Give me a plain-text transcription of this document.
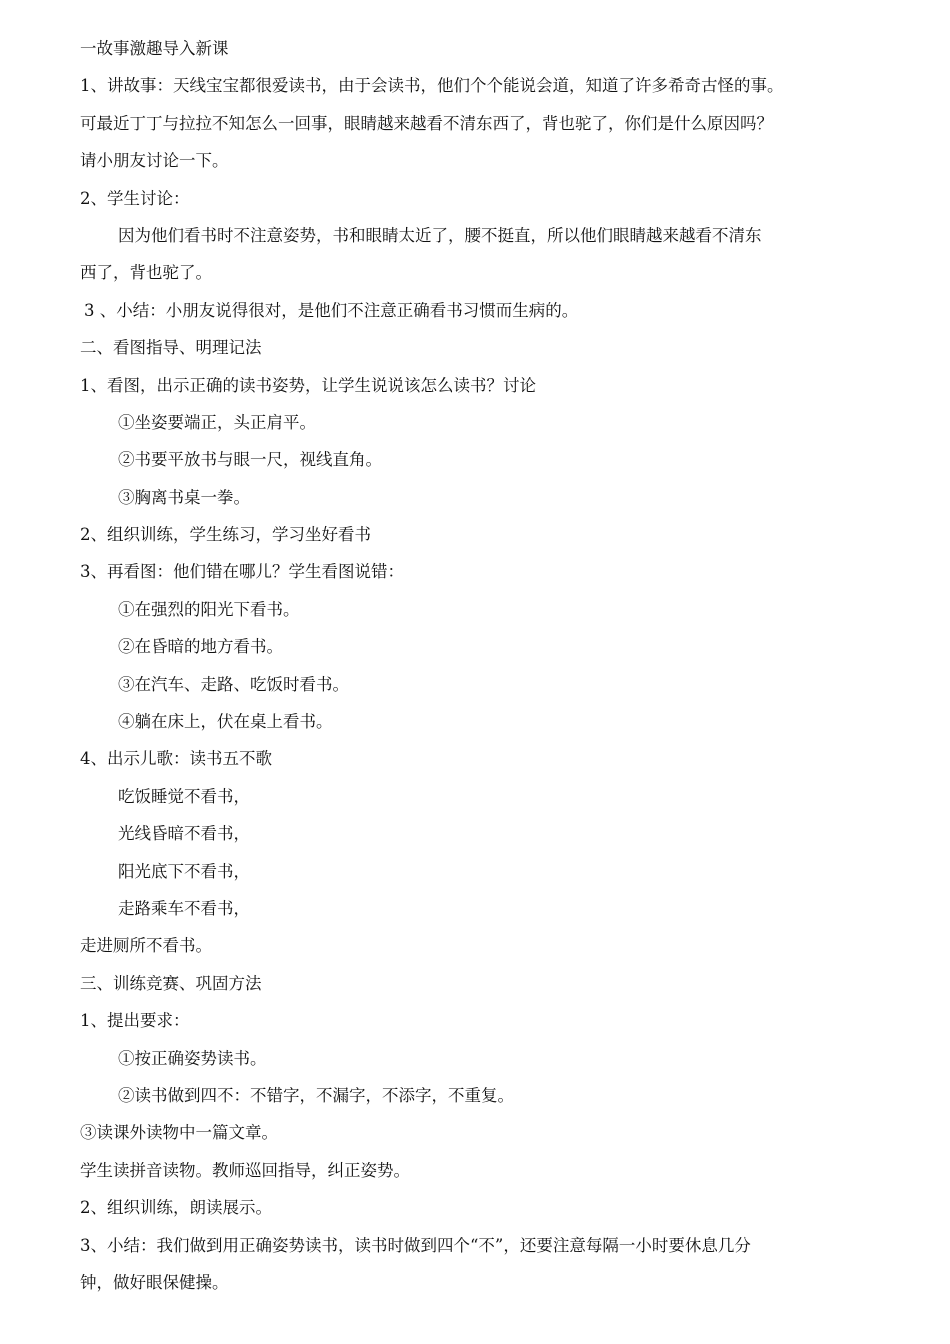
一故事激趣导入新课
1、讲故事：天线宝宝都很爱读书，由于会读书，他们个个能说会道，知道了许多希奇古怪的事。
可最近丁丁与拉拉不知怎么一回事，眼睛越来越看不清东西了，背也驼了，你们是什么原因吗？
请小朋友讨论一下。
2、学生讨论：
因为他们看书时不注意姿势，书和眼睛太近了，腰不挺直，所以他们眼睛越来越看不清东
西了，背也驼了。
3 、小结：小朋友说得很对，是他们不注意正确看书习惯而生病的。
二、看图指导、明理记法
1、看图，出示正确的读书姿势，让学生说说该怎么读书？讨论
①坐姿要端正，头正肩平。
②书要平放书与眼一尺，视线直角。
③胸离书桌一拳。
2、组织训练，学生练习，学习坐好看书
3、再看图：他们错在哪儿？学生看图说错：
①在强烈的阳光下看书。
②在昏暗的地方看书。
③在汽车、走路、吃饭时看书。
④躺在床上，伏在桌上看书。
4、出示儿歌：读书五不歌
吃饭睡觉不看书，
光线昏暗不看书，
阳光底下不看书，
走路乘车不看书，
走进厕所不看书。
三、训练竞赛、巩固方法
1、提出要求：
①按正确姿势读书。
②读书做到四不：不错字，不漏字，不添字，不重复。
③读课外读物中一篇文章。
学生读拼音读物。教师巡回指导，纠正姿势。
2、组织训练，朗读展示。
3、小结：我们做到用正确姿势读书，读书时做到四个“不”，还要注意每隔一小时要休息几分
钟，做好眼保健操。
